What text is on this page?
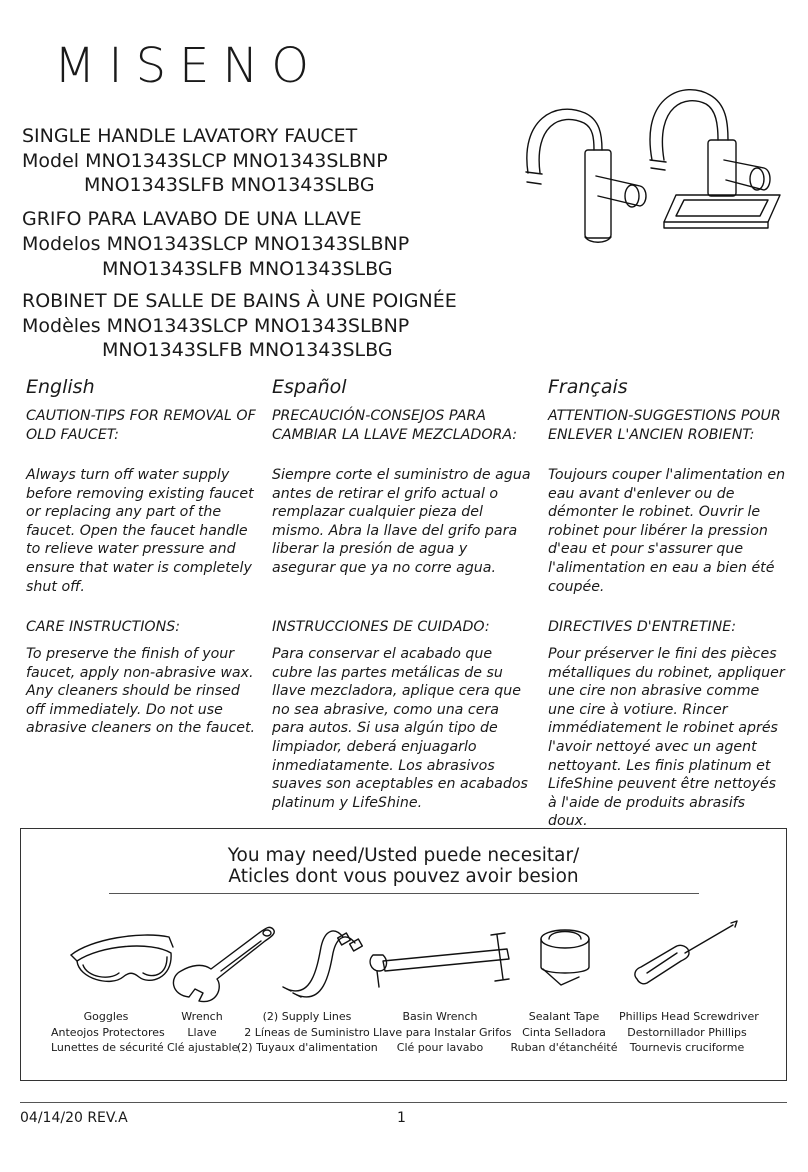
MISENO
SINGLE HANDLE LAVATORY FAUCET
Model MNO1343SLCP MNO1343SLBNP
MNO1343SLFB MNO1343SLBG
GRIFO PARA LAVABO DE UNA LLAVE
Modelos MNO1343SLCP MNO1343SLBNP
MNO1343SLFB MNO1343SLBG
ROBINET DE SALLE DE BAINS À UNE POIGNÉE
Modèles MNO1343SLCP MNO1343SLBNP
MNO1343SLFB MNO1343SLBG
English	Español	Français
CAUTION-TIPS FOR REMOVAL OF OLD FAUCET:
Always turn off water supply before removing existing faucet or replacing any part of the faucet. Open the faucet handle to relieve water pressure and ensure that water is completely shut off.
CARE INSTRUCTIONS:
To preserve the finish of your faucet, apply non-abrasive wax. Any cleaners should be rinsed off immediately. Do not use abrasive cleaners on the faucet.
PRECAUCIÓN-CONSEJOS PARA CAMBIAR LA LLAVE MEZCLADORA:
Siempre corte el suministro de agua antes de retirar el grifo actual o remplazar cualquier pieza del mismo. Abra la llave del grifo para liberar la presión de agua y asegurar que ya no corre agua.
INSTRUCCIONES DE CUIDADO:
Para conservar el acabado que cubre las partes metálicas de su llave mezcladora, aplique cera que no sea abrasive, como una cera para autos. Si usa algún tipo de limpiador, deberá enjuagarlo inmediatamente. Los abrasivos suaves son aceptables en acabados platinum y LifeShine.
ATTENTION-SUGGESTIONS POUR ENLEVER L'ANCIEN ROBIENT:
Toujours couper l'alimentation en eau avant d'enlever ou de démonter le robinet. Ouvrir le robinet pour libérer la pression d'eau et pour s'assurer que l'alimentation en eau a bien été coupée.
DIRECTIVES D'ENTRETINE:
Pour préserver le fini des pièces métalliques du robinet, appliquer une cire non abrasive comme une cire à votiure. Rincer immédiatement le robinet aprés l'avoir nettoyé avec un agent nettoyant. Les finis platinum et LifeShine peuvent être nettoyés à l'aide de produits abrasifs doux.
You may need/Usted puede necesitar/
Aticles dont vous pouvez avoir besion
Goggles
Anteojos Protectores
Lunettes de sécurité
Wrench
Llave
Clé ajustable
(2) Supply Lines
2 Líneas de Suministro
(2) Tuyaux d'alimentation
Basin Wrench
Llave para Instalar Grifos
Clé pour lavabo
Sealant Tape
Cinta Selladora
Ruban d'étanchéité
Phillips Head Screwdriver
Destornillador Phillips
Tournevis cruciforme
04/14/20 REV.A	1
